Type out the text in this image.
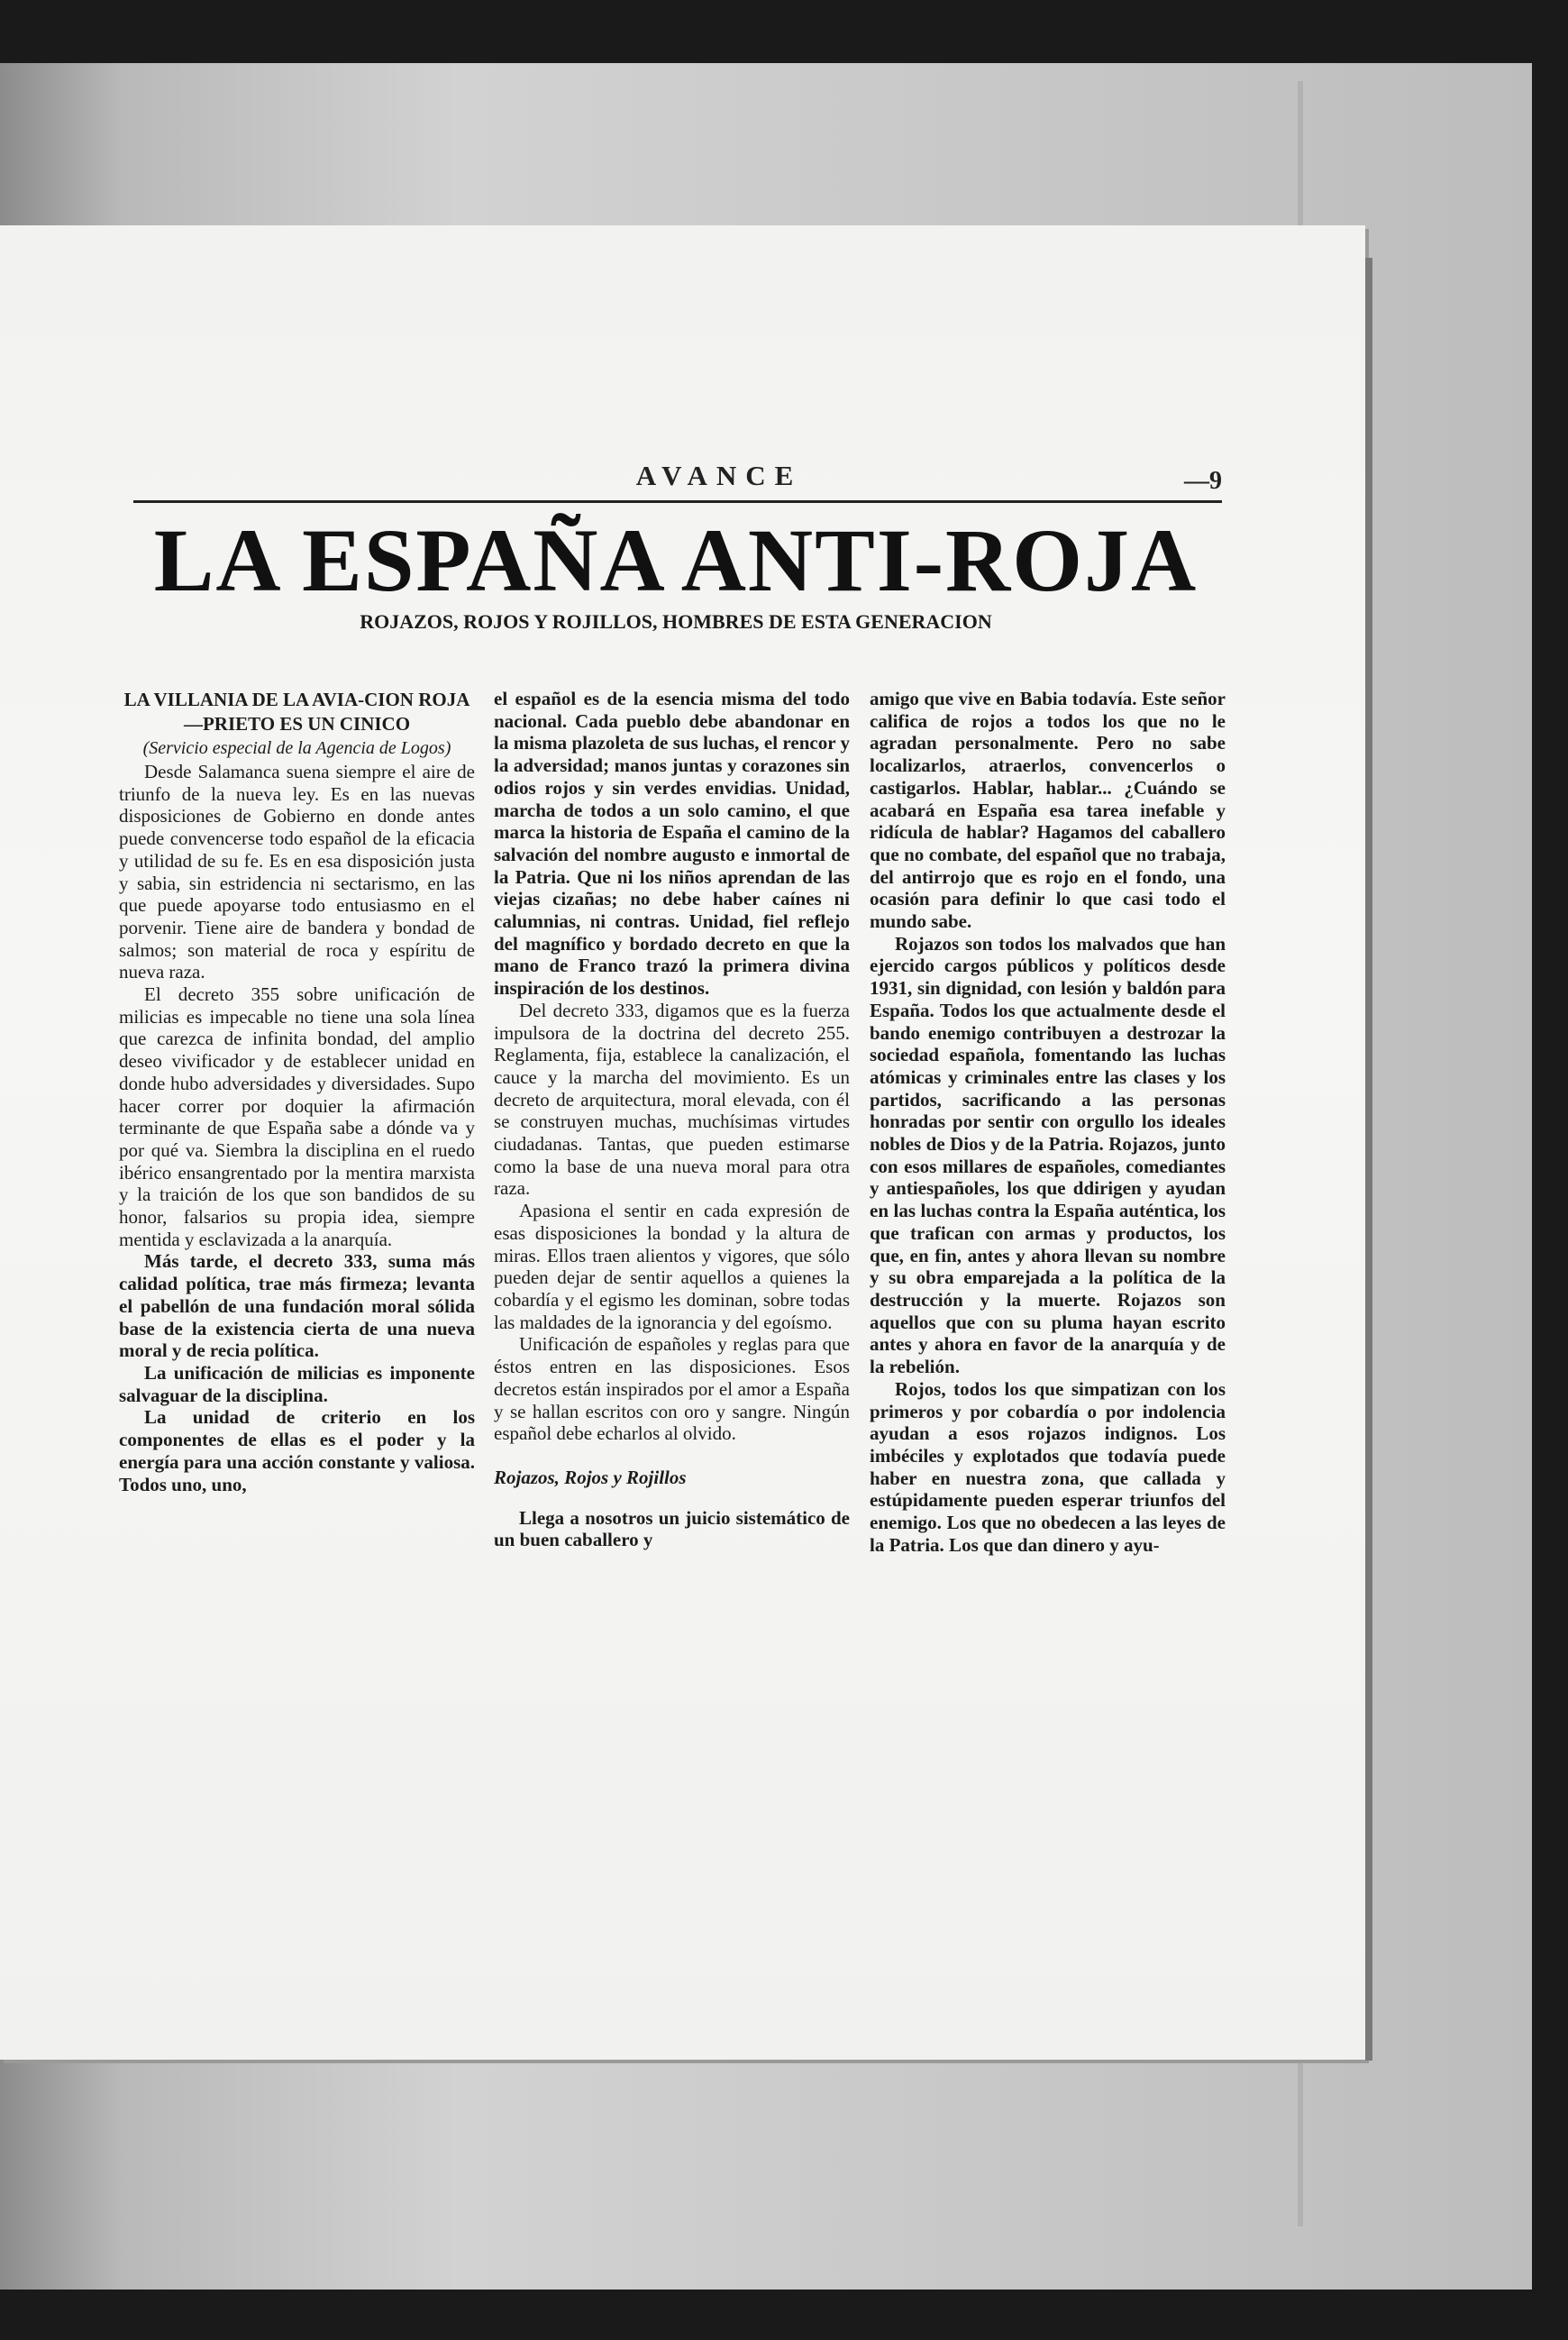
AVANCE	—9
LA ESPAÑA ANTI-ROJA

ROJAZOS, ROJOS Y ROJILLOS, HOMBRES DE ESTA GENERACION

LA VILLANIA DE LA AVIA-CION ROJA—PRIETO ES UN CINICO

(Servicio especial de la Agencia de Logos)

Desde Salamanca suena siempre el aire de triunfo de la nueva ley. Es en las nuevas disposiciones de Gobierno en donde antes puede convencerse todo español de la eficacia y utilidad de su fe. Es en esa disposición justa y sabia, sin estridencia ni sectarismo, en las que puede apoyarse todo entusiasmo en el porvenir. Tiene aire de bandera y bondad de salmos; son material de roca y espíritu de nueva raza.

El decreto 355 sobre unificación de milicias es impecable no tiene una sola línea que carezca de infinita bondad, del amplio deseo vivificador y de establecer unidad en donde hubo adversidades y diversidades. Supo hacer correr por doquier la afirmación terminante de que España sabe a dónde va y por qué va. Siembra la disciplina en el ruedo ibérico ensangrentado por la mentira marxista y la traición de los que son bandidos de su honor, falsarios su propia idea, siempre mentida y esclavizada a la anarquía.

Más tarde, el decreto 333, suma más calidad política, trae más firmeza; levanta el pabellón de una fundación moral sólida base de la existencia cierta de una nueva moral y de recia política.

La unificación de milicias es imponente salvaguar de la disciplina.

La unidad de criterio en los componentes de ellas es el poder y la energía para una acción constante y valiosa. Todos uno, uno,

el español es de la esencia misma del todo nacional. Cada pueblo debe abandonar en la misma plazoleta de sus luchas, el rencor y la adversidad; manos juntas y corazones sin odios rojos y sin verdes envidias. Unidad, marcha de todos a un solo camino, el que marca la historia de España el camino de la salvación del nombre augusto e inmortal de la Patria. Que ni los niños aprendan de las viejas cizañas; no debe haber caínes ni calumnias, ni contras. Unidad, fiel reflejo del magnífico y bordado decreto en que la mano de Franco trazó la primera divina inspiración de los destinos.

Del decreto 333, digamos que es la fuerza impulsora de la doctrina del decreto 255. Reglamenta, fija, establece la canalización, el cauce y la marcha del movimiento. Es un decreto de arquitectura, moral elevada, con él se construyen muchas, muchísimas virtudes ciudadanas. Tantas, que pueden estimarse como la base de una nueva moral para otra raza.

Apasiona el sentir en cada expresión de esas disposiciones la bondad y la altura de miras. Ellos traen alientos y vigores, que sólo pueden dejar de sentir aquellos a quienes la cobardía y el egismo les dominan, sobre todas las maldades de la ignorancia y del egoísmo.

Unificación de españoles y reglas para que éstos entren en las disposiciones. Esos decretos están inspirados por el amor a España y se hallan escritos con oro y sangre. Ningún español debe echarlos al olvido.

Rojazos, Rojos y Rojillos

Llega a nosotros un juicio sistemático de un buen caballero y

amigo que vive en Babia todavía. Este señor califica de rojos a todos los que no le agradan personalmente. Pero no sabe localizarlos, atraerlos, convencerlos o castigarlos. Hablar, hablar... ¿Cuándo se acabará en España esa tarea inefable y ridícula de hablar? Hagamos del caballero que no combate, del español que no trabaja, del antirrojo que es rojo en el fondo, una ocasión para definir lo que casi todo el mundo sabe.

Rojazos son todos los malvados que han ejercido cargos públicos y políticos desde 1931, sin dignidad, con lesión y baldón para España. Todos los que actualmente desde el bando enemigo contribuyen a destrozar la sociedad española, fomentando las luchas atómicas y criminales entre las clases y los partidos, sacrificando a las personas honradas por sentir con orgullo los ideales nobles de Dios y de la Patria. Rojazos, junto con esos millares de españoles, comediantes y antiespañoles, los que ddirigen y ayudan en las luchas contra la España auténtica, los que trafican con armas y productos, los que, en fin, antes y ahora llevan su nombre y su obra emparejada a la política de la destrucción y la muerte. Rojazos son aquellos que con su pluma hayan escrito antes y ahora en favor de la anarquía y de la rebelión.

Rojos, todos los que simpatizan con los primeros y por cobardía o por indolencia ayudan a esos rojazos indignos. Los imbéciles y explotados que todavía puede haber en nuestra zona, que callada y estúpidamente pueden esperar triunfos del enemigo. Los que no obedecen a las leyes de la Patria. Los que dan dinero y ayu-
